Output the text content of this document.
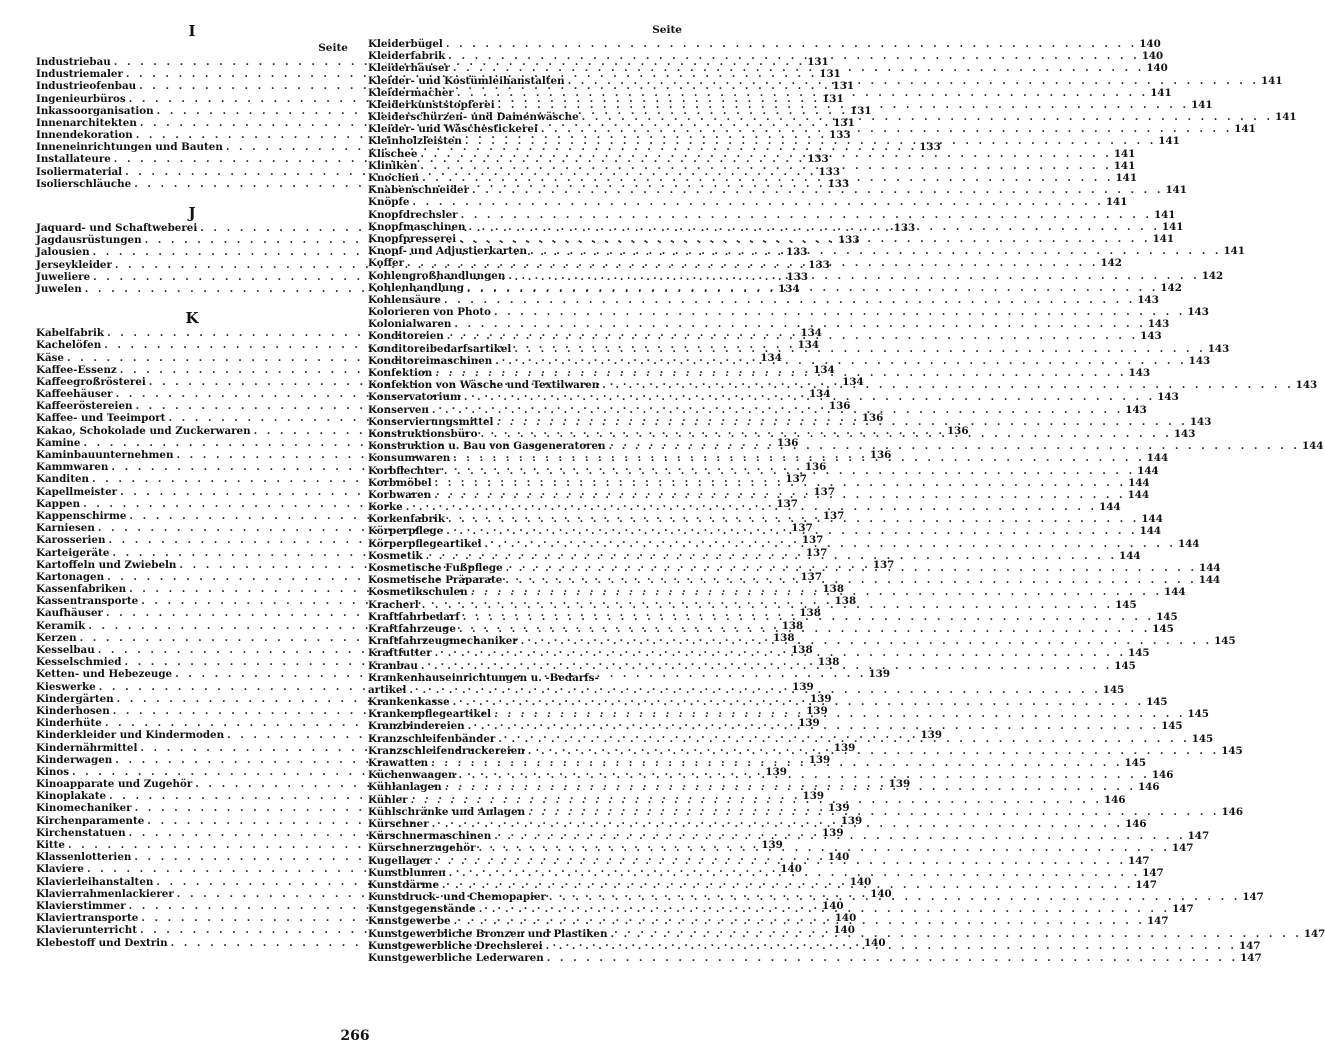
I
Seite
Industriebau . . .	131
Industriemaler . . .	131
Industrieofenbau . . .	131
Ingenieurbüros . . .	131
Inkassoorganisation . . .	131
Innenarchitekten . . .	131
Innendekoration . . .	133
Inneneinrichtungen und Bauten . . .	133
Installateure . . .	133
Isoliermaterial . . .	133
Isolierschläuche . . .	133
J
Jaquard- und Schaftweberei . . .	133
Jagdausrüstungen . . .	133
Jalousien . . .	133
Jerseykleider . . .	133
Juweliere . . .	133
Juwelen . . .	134
K
Kabelfabrik . . .	134
Kachelöfen . . .	134
Käse . . .	134
Kaffee-Essenz . . .	134
Kaffeegroßrösterei . . .	134
Kaffeehäuser . . .	134
Kaffeeröstereien . . .	136
Kaffee- und Teeimport . . .	136
Kakao, Schokolade und Zuckerwaren . . .	136
Kamine . . .	136
Kaminbauunternehmen . . .	136
Kammwaren . . .	136
Kanditen . . .	137
Kapellmeister . . .	137
Kappen . . .	137
Kappenschirme . . .	137
Karniesen . . .	137
Karosserien . . .	137
Karteigeräte . . .	137
Kartoffeln und Zwiebeln . . .	137
Kartonagen . . .	137
Kassenfabriken . . .	138
Kassentransporte . . .	138
Kaufhäuser . . .	138
Keramik . . .	138
Kerzen . . .	138
Kesselbau . . .	138
Kesselschmied . . .	138
Ketten- und Hebezeuge . . .	139
Kieswerke . . .	139
Kindergärten . . .	139
Kinderhosen . . .	139
Kinderhüte . . .	139
Kinderkleider und Kindermoden . . .	139
Kindernährmittel . . .	139
Kinderwagen . . .	139
Kinos . . .	139
Kinoapparate und Zugehör . . .	139
Kinoplakate . . .	139
Kinomechaniker . . .	139
Kirchenparamente . . .	139
Kirchenstatuen . . .	139
Kitte . . .	139
Klassenlotterien . . .	140
Klaviere . . .	140
Klavierleihanstalten . . .	140
Klavierrahmenlackierer . . .	140
Klavierstimmer . . .	140
Klaviertransporte . . .	140
Klavierunterricht . . .	140
Klebestoff und Dextrin . . .	140
Seite
Kleiderbügel . . .	140
Kleiderfabrik . . .	140
Kleiderhäuser . . .	140
Kleider- und Kostümleihanstalten . . .	141
Kleidermacher . . .	141
Kleiderkunststopferei . . .	141
Kleiderschürzen- und Damenwäsche . . .	141
Kleider- und Wäschestickerei . . .	141
Kleinholzleisten . . .	141
Klischee . . .	141
Kliniken . . .	141
Knochen . . .	141
Knabenschneider . . .	141
Knöpfe . . .	141
Knopfdrechsler . . .	141
Knopfmaschinen . . .	141
Knopfpresserei . . .	141
Knopf- und Adjustierkarten . . .	141
Koffer . . .	142
Kohlengroßhandlungen . . .	142
Kohlenhandlung . . .	142
Kohlensäure . . .	143
Kolorieren von Photo . . .	143
Kolonialwaren . . .	143
Konditoreien . . .	143
Konditoreibedarfsartikel . . .	143
Konditoreimaschinen . . .	143
Konfektion . . .	143
Konfektion von Wäsche und Textilwaren . . .	143
Konservatorium . . .	143
Konserven . . .	143
Konservierungsmittel . . .	143
Konstruktionsbüro . . .	143
Konstruktion u. Bau von Gasgeneratoren . . .	144
Konsumwaren . . .	144
Korbflechter . . .	144
Korbmöbel . . .	144
Korbwaren . . .	144
Korke . . .	144
Korkenfabrik . . .	144
Körperpflege . . .	144
Körperpflegeartikel . . .	144
Kosmetik . . .	144
Kosmetische Fußpflege . . .	144
Kosmetische Präparate . . .	144
Kosmetikschulen . . .	144
Kracherl . . .	145
Kraftfahrbedarf . . .	145
Kraftfahrzeuge . . .	145
Kraftfahrzeugmechaniker . . .	145
Kraftfutter . . .	145
Kranbau . . .	145
Krankenhauseinrichtungen u. -Bedarfs-
artikel . . .	145
Krankenkasse . . .	145
Krankenpflegeartikel . . .	145
Kranzbindereien . . .	145
Kranzschleifenbänder . . .	145
Kranzschleifendruckereien . . .	145
Krawatten . . .	145
Küchenwaagen . . .	146
Kühlanlagen . . .	146
Kühler . . .	146
Kühlschränke und Anlagen . . .	146
Kürschner . . .	146
Kürschnermaschinen . . .	147
Kürschnerzugehör . . .	147
Kugellager . . .	147
Kunstblumen . . .	147
Kunstdärme . . .	147
Kunstdruck- und Chemopapier . . .	147
Kunstgegenstände . . .	147
Kunstgewerbe . . .	147
Kunstgewerbliche Bronzen und Plastiken . . .	147
Kunstgewerbliche Drechslerei . . .	147
Kunstgewerbliche Lederwaren . . .	147
266
